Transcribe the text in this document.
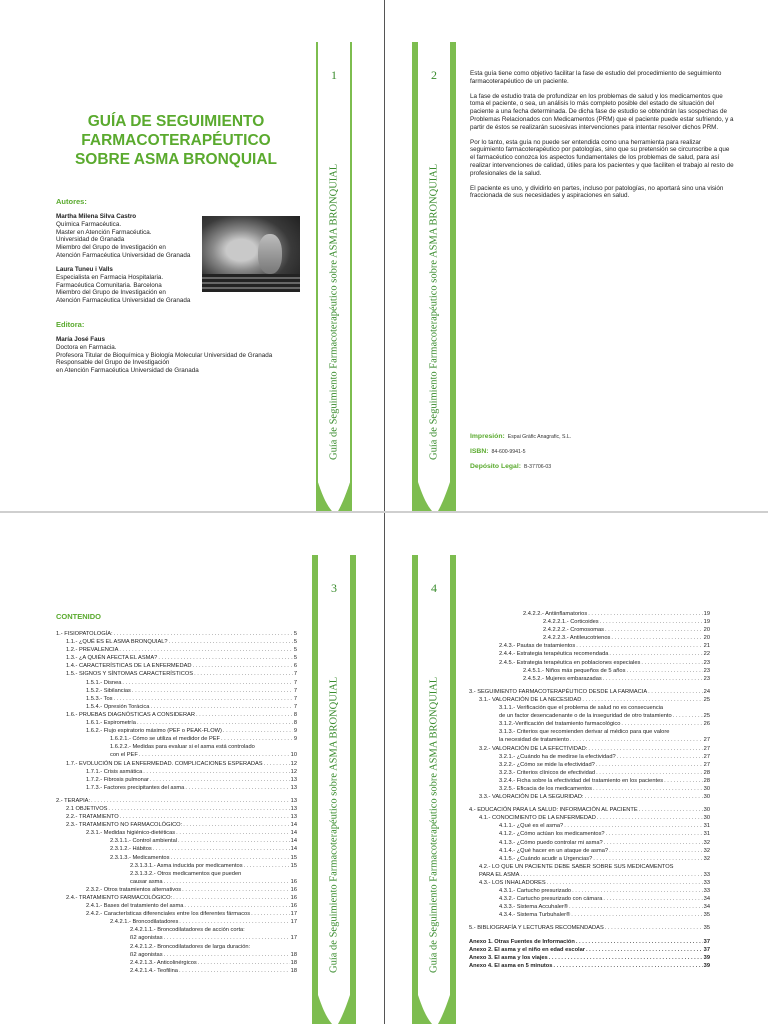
GUÍA DE SEGUIMIENTO
FARMACOTERAPÉUTICO
SOBRE ASMA BRONQUIAL
Autores:
Martha Milena Silva Castro
Química Farmacéutica.
Master en Atención Farmacéutica.
Universidad de Granada
Miembro del Grupo de Investigación en
Atención Farmacéutica Universidad de Granada
Laura Tuneu i Valls
Especialista en Farmacia Hospitalaria.
Farmacéutica Comunitaria. Barcelona
Miembro del Grupo de Investigación en
Atención Farmacéutica Universidad de Granada
Editora:
María José Faus
Doctora en Farmacia.
Profesora Titular de Bioquímica y Biología Molecular Universidad de Granada
Responsable del Grupo de Investigación
en Atención Farmacéutica Universidad de Granada
1
Guía de Seguimiento Farmacoterapéutico sobre ASMA BRONQUIAL
2
Guía de Seguimiento Farmacoterapéutico sobre ASMA BRONQUIAL

Esta guía tiene como objetivo facilitar la fase de estudio del procedimiento de seguimiento farmacoterapéutico de un paciente.

La fase de estudio trata de profundizar en los problemas de salud y los medicamentos que toma el paciente, o sea, un análisis lo más completo posible del estado de situación del paciente a una fecha determinada. De dicha fase de estudio se obtendrán las sospechas de Problemas Relacionados con Medicamentos (PRM) que el paciente puede estar sufriendo, y a partir de éstos se realizarán sucesivas intervenciones para intentar resolver dichos PRM.

Por lo tanto, esta guía no puede ser entendida como una herramienta para realizar seguimiento farmacoterapéutico por patologías, sino que su pretensión se circunscribe a que el farmacéutico conozca los aspectos fundamentales de los problemas de salud, para así realizar intervenciones de calidad, útiles para los pacientes y que faciliten el trabajo al resto de profesionales de la salud.

El paciente es uno, y dividirlo en partes, incluso por patologías, no aportará sino una visión fraccionada de sus necesidades y aspiraciones en salud.

Impresión: Espai Gràfic Anagrafic, S.L.
ISBN: 84-600-9941-5
Depósito Legal: B-37706-03
CONTENIDO
1.- FISIOPATOLOGÍA: . . .	5
1.1.- ¿QUÉ ES EL ASMA BRONQUIAL? . . .	5
1.2.- PREVALENCIA . . .	5
1.3.- ¿A QUIÉN AFECTA EL ASMA? . . .	5
1.4.- CARACTERÍSTICAS DE LA ENFERMEDAD . . .	6
1.5.- SIGNOS Y SÍNTOMAS CARACTERÍSTICOS . . .	7
1.5.1.- Disnea . . .	7
1.5.2.- Sibilancias . . .	7
1.5.3.- Tos . . .	7
1.5.4.- Opresión Torácica . . .	7
1.6.- PRUEBAS DIAGNÓSTICAS A CONSIDERAR . . .	8
1.6.1.- Espirometría . . .	8
1.6.2.- Flujo espiratorio máximo (PEF o PEAK-FLOW) . . .	9
1.6.2.1.- Cómo se utiliza el medidor de PEF . . .	9
1.6.2.2.- Medidas para evaluar si el asma está controlado
con el PEF . . .	10
1.7.- EVOLUCIÓN DE LA ENFERMEDAD. COMPLICACIONES ESPERADAS . . .	12
1.7.1.- Crisis asmática . . .	12
1.7.2.- Fibrosis pulmonar . . .	13
1.7.3.- Factores precipitantes del asma . . .	13
2.- TERAPIA: . . .	13
2.1 OBJETIVOS . . .	13
2.2.- TRATAMIENTO . . .	13
2.3.- TRATAMIENTO NO FARMACOLÓGICO: . . .	14
2.3.1.- Medidas higiénico-dietéticas . . .	14
2.3.1.1.- Control ambiental . . .	14
2.3.1.2.- Hábitos . . .	14
2.3.1.3.- Medicamentos . . .	15
2.3.1.3.1.- Asma inducida por medicamentos . . .	15
2.3.1.3.2.- Otros medicamentos que pueden
causar asma . . .	16
2.3.2.- Otros tratamientos alternativos . . .	16
2.4.- TRATAMIENTO FARMACOLÓGICO: . . .	16
2.4.1.- Bases del tratamiento del asma . . .	16
2.4.2.- Características diferenciales entre los diferentes fármacos . . .	17
2.4.2.1.- Broncodilatadores . . .	17
2.4.2.1.1.- Broncodilatadores de acción corta:
ß2 agonistas . . .	17
2.4.2.1.2.- Broncodilatadores de larga duración:
ß2 agonistas . . .	18
2.4.2.1.3.- Anticolinérgicos . . .	18
2.4.2.1.4.- Teofilina . . .	18
3
Guía de Seguimiento Farmacoterapéutico sobre ASMA BRONQUIAL
4
Guía de Seguimiento Farmacoterapéutico sobre ASMA BRONQUIAL
2.4.2.2.- Antiinflamatorios . . .	19
2.4.2.2.1.- Corticoides . . .	19
2.4.2.2.2.- Cromosomas . . .	20
2.4.2.2.3.- Antileucotrienos . . .	20
2.4.3.- Pautas de tratamientos . . .	21
2.4.4.- Estrategia terapéutica recomendada . . .	22
2.4.5.- Estrategia terapéutica en poblaciones especiales . . .	23
2.4.5.1.- Niños más pequeños de 5 años . . .	23
2.4.5.2.- Mujeres embarazadas . . .	23
3.- SEGUIMIENTO FARMACOTERAPÉUTICO DESDE LA FARMACIA . . .	24
3.1.- VALORACIÓN DE LA NECESIDAD . . .	25
3.1.1.- Verificación que el problema de salud no es consecuencia
de un factor desencadenante o de la inseguridad de otro tratamiento . . .	25
3.1.2.-Verificación del tratamiento farmacológico . . .	26
3.1.3.- Criterios que recomienden derivar al médico para que valore
la necesidad de tratamiento . . .	27
3.2.- VALORACIÓN DE LA EFECTIVIDAD: . . .	27
3.2.1.- ¿Cuándo ha de medirse la efectividad? . . .	27
3.2.2.- ¿Cómo se mide la efectividad? . . .	27
3.2.3.- Criterios clínicos de efectividad . . .	28
3.2.4.- Ficha sobre la efectividad del tratamiento en los pacientes . . .	28
3.2.5.- Eficacia de los medicamentos . . .	30
3.3.- VALORACIÓN DE LA SEGURIDAD: . . .	30
4.- EDUCACIÓN PARA LA SALUD: INFORMACIÓN AL PACIENTE . . .	30
4.1.- CONOCIMIENTO DE LA ENFERMEDAD . . .	30
4.1.1.- ¿Qué es el asma? . . .	31
4.1.2.- ¿Cómo actúan los medicamentos? . . .	31
4.1.3.- ¿Cómo puedo controlar mi asma? . . .	32
4.1.4.- ¿Qué hacer en un ataque de asma? . . .	32
4.1.5.- ¿Cuándo acudir a Urgencias? . . .	32
4.2.- LO QUE UN PACIENTE DEBE SABER SOBRE SUS MEDICAMENTOS
PARA EL ASMA . . .	33
4.3.- LOS INHALADORES . . .	33
4.3.1.- Cartucho presurizado . . .	33
4.3.2.- Cartucho presurizado con cámara . . .	34
4.3.3.- Sistema Accuhaler® . . .	34
4.3.4.- Sistema Turbuhaler® . . .	35
5.- BIBLIOGRAFÍA Y LECTURAS RECOMENDADAS . . .	35
Anexo 1. Otras Fuentes de Información . . .	37
Anexo 2. El asma y el niño en edad escolar . . .	37
Anexo 3. El asma y los viajes . . .	39
Anexo 4. El asma en 5 minutos . . .	39
